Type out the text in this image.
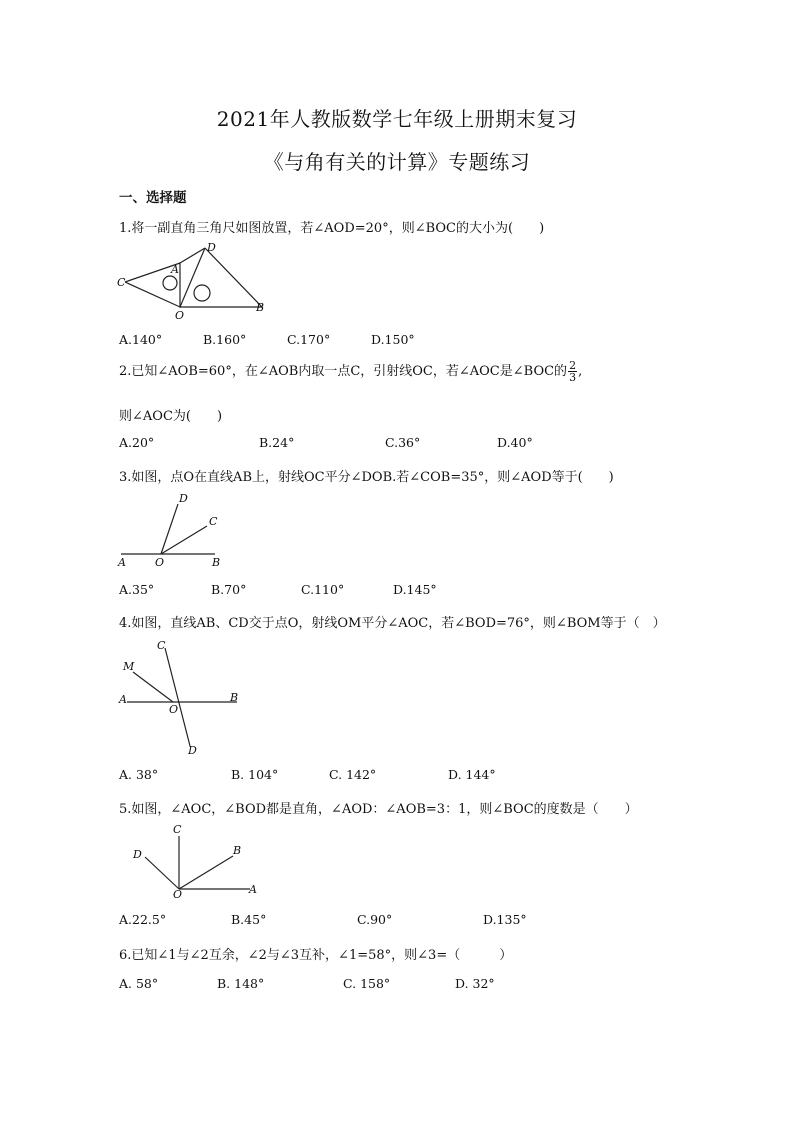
2021年人教版数学七年级上册期末复习
《与角有关的计算》专题练习
一、选择题
1.将一副直角三角尺如图放置，若∠AOD=20°，则∠BOC的大小为(　　)
D
C
A
O
B
A.140°	B.160°	C.170°	D.150°
2.已知∠AOB=60°，在∠AOB内取一点C，引射线OC，若∠AOC是∠BOC的 $\frac{2}{3}$ ,
则∠AOC为(　　)
A.20°	B.24°	C.36°	D.40°
3.如图，点O在直线AB上，射线OC平分∠DOB.若∠COB=35°，则∠AOD等于(　　)
D
C
A	O	B
A.35°	B.70°	C.110°	D.145°
4.如图，直线AB、CD交于点O，射线OM平分∠AOC，若∠BOD=76°，则∠BOM等于（　）
C
M
A
O
B
D
A. 38°	B. 104°	C. 142°	D. 144°
5.如图，∠AOC，∠BOD都是直角，∠AOD：∠AOB=3：1，则∠BOC的度数是（　　）
C
D	B
O	A
A.22.5°	B.45°	C.90°	D.135°
6.已知∠1与∠2互余，∠2与∠3互补，∠1=58°，则∠3=（　　　）
A. 58°	B. 148°	C. 158°	D. 32°
